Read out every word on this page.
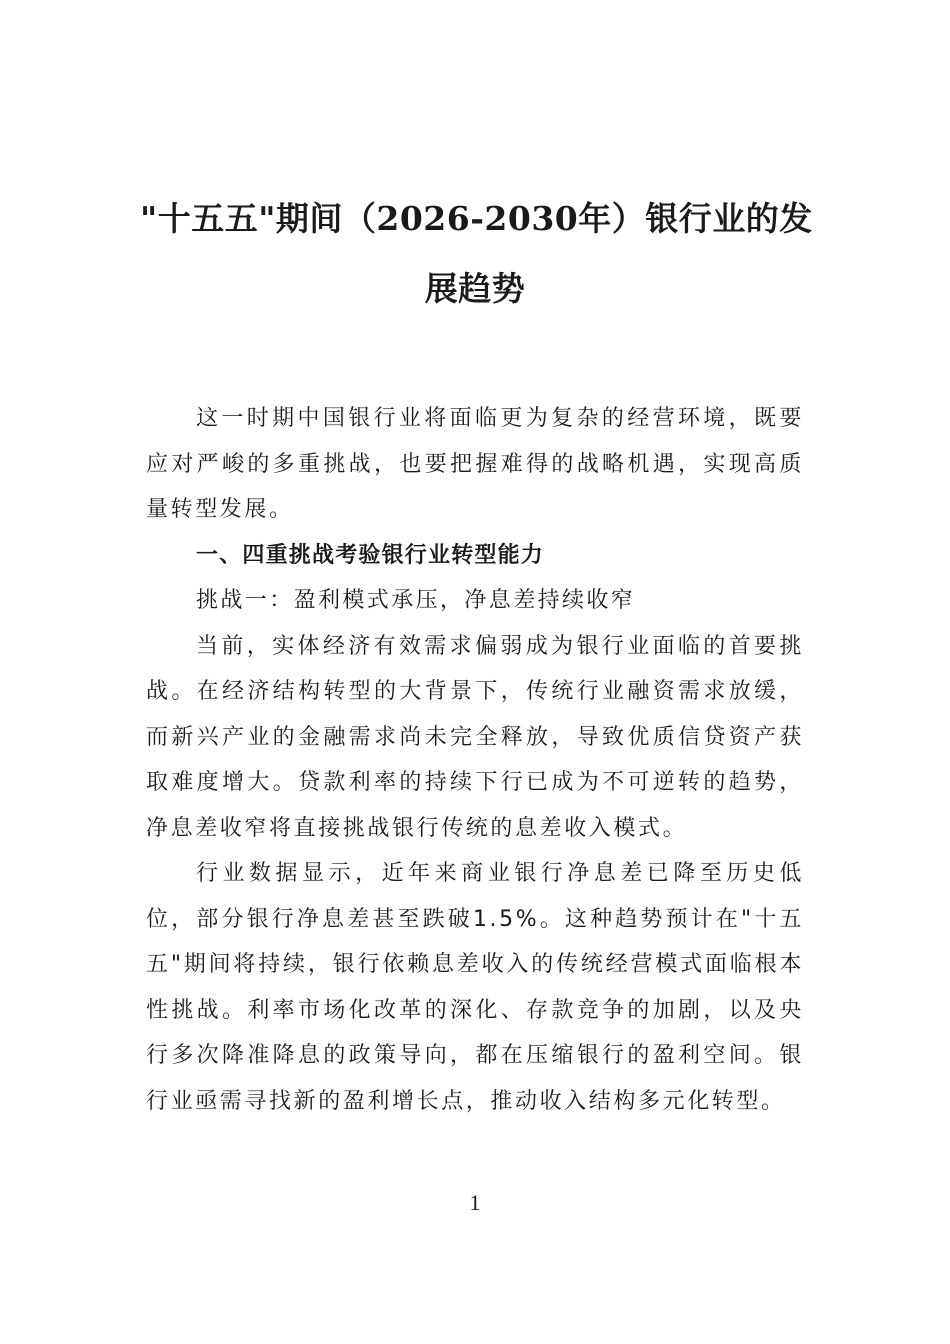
"十五五"期间（2026-2030年）银行业的发
展趋势

这一时期中国银行业将面临更为复杂的经营环境，既要应对严峻的多重挑战，也要把握难得的战略机遇，实现高质量转型发展。

一、四重挑战考验银行业转型能力

挑战一：盈利模式承压，净息差持续收窄

当前，实体经济有效需求偏弱成为银行业面临的首要挑战。在经济结构转型的大背景下，传统行业融资需求放缓，而新兴产业的金融需求尚未完全释放，导致优质信贷资产获取难度增大。贷款利率的持续下行已成为不可逆转的趋势，净息差收窄将直接挑战银行传统的息差收入模式。

行业数据显示，近年来商业银行净息差已降至历史低位，部分银行净息差甚至跌破1.5%。这种趋势预计在"十五五"期间将持续，银行依赖息差收入的传统经营模式面临根本性挑战。利率市场化改革的深化、存款竞争的加剧，以及央行多次降准降息的政策导向，都在压缩银行的盈利空间。银行业亟需寻找新的盈利增长点，推动收入结构多元化转型。

1
